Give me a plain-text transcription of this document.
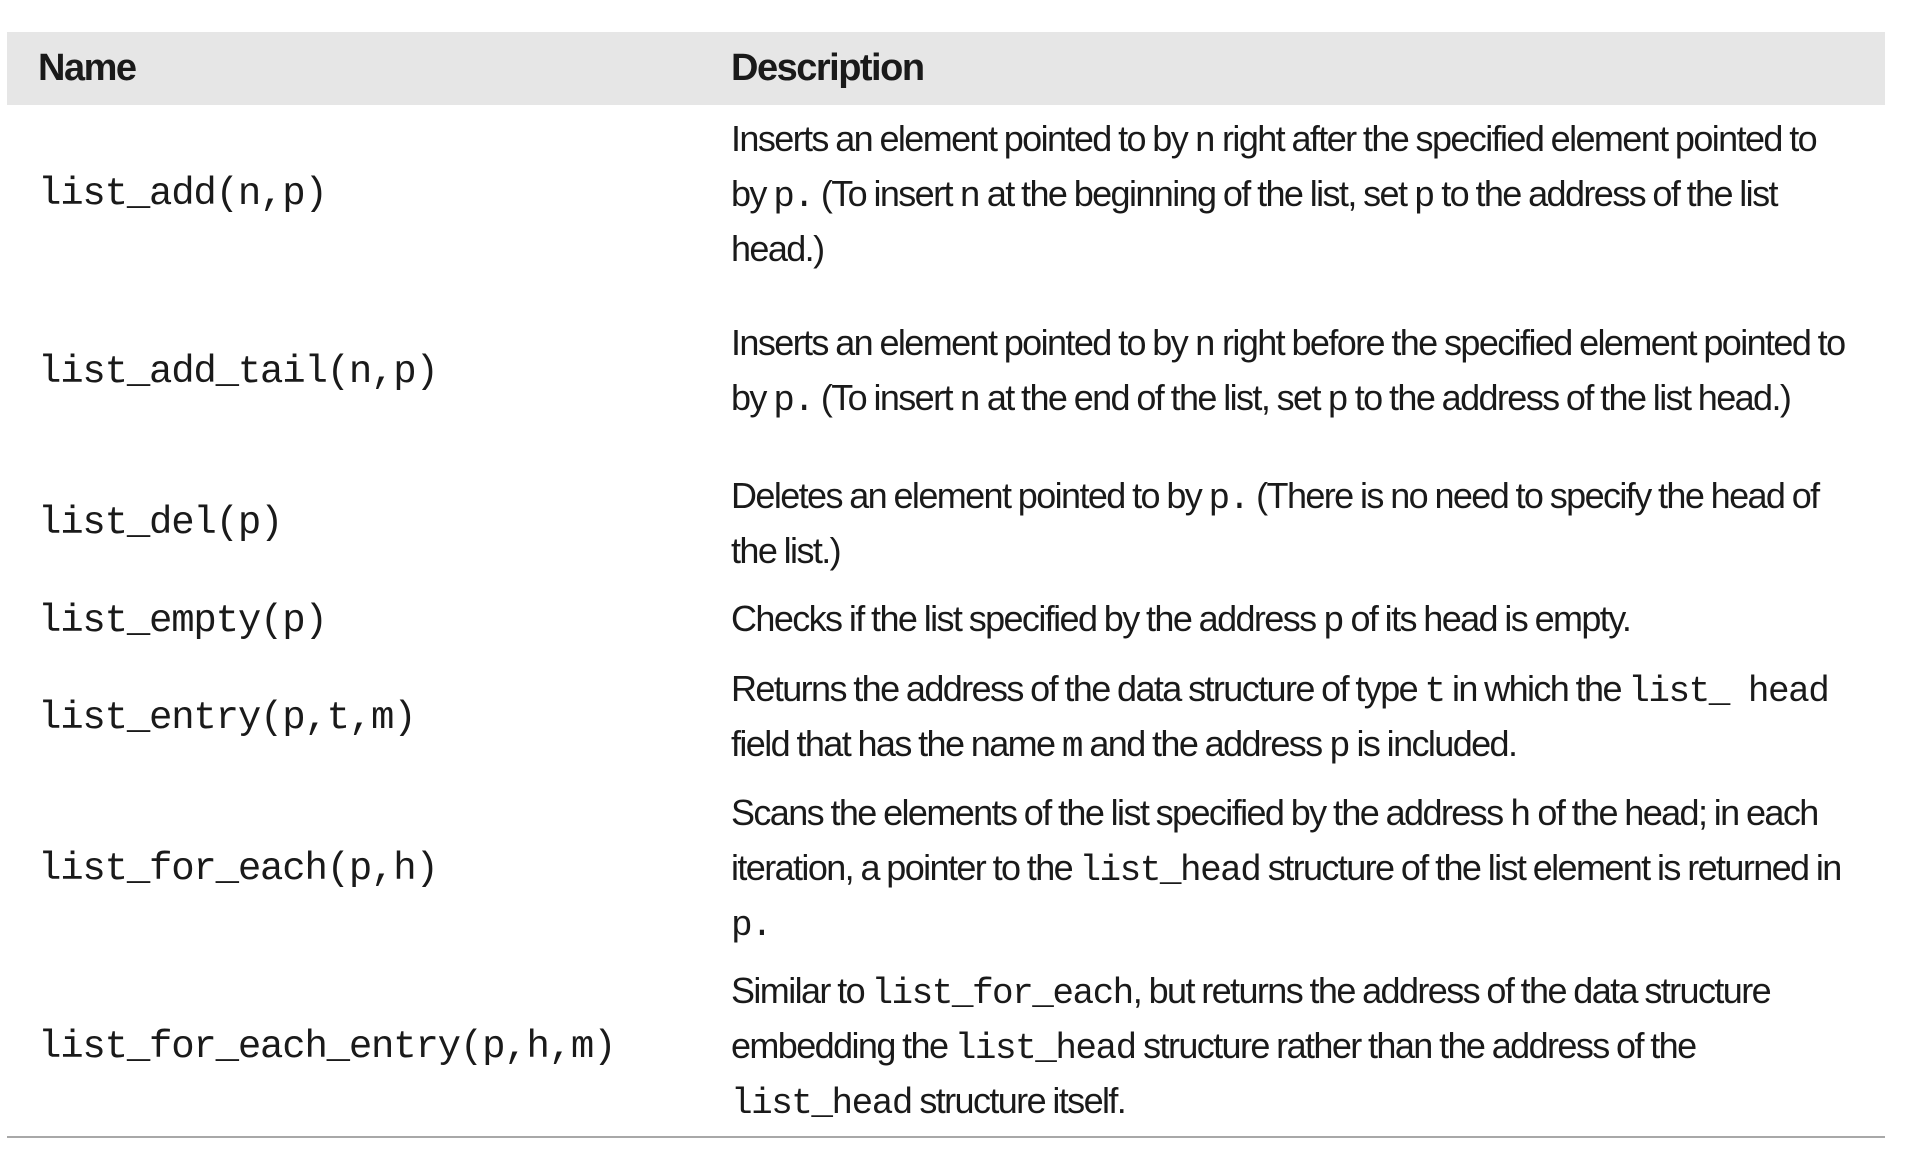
Name	Description
list_add(n,p)
Inserts an element pointed to by n right after the specified element pointed to by p. (To insert n at the beginning of the list, set p to the address of the list head.)
list_add_tail(n,p)
Inserts an element pointed to by n right before the specified element pointed to by p. (To insert n at the end of the list, set p to the address of the list head.)
list_del(p)
Deletes an element pointed to by p. (There is no need to specify the head of the list.)
list_empty(p)	Checks if the list specified by the address p of its head is empty.
list_entry(p,t,m)
Returns the address of the data structure of type t in which the list_ head field that has the name m and the address p is included.
list_for_each(p,h)
Scans the elements of the list specified by the address h of the head; in each iteration, a pointer to the list_head structure of the list element is returned in p.
list_for_each_entry(p,h,m)
Similar to list_for_each, but returns the address of the data structure embedding the list_head structure rather than the address of the list_head structure itself.
